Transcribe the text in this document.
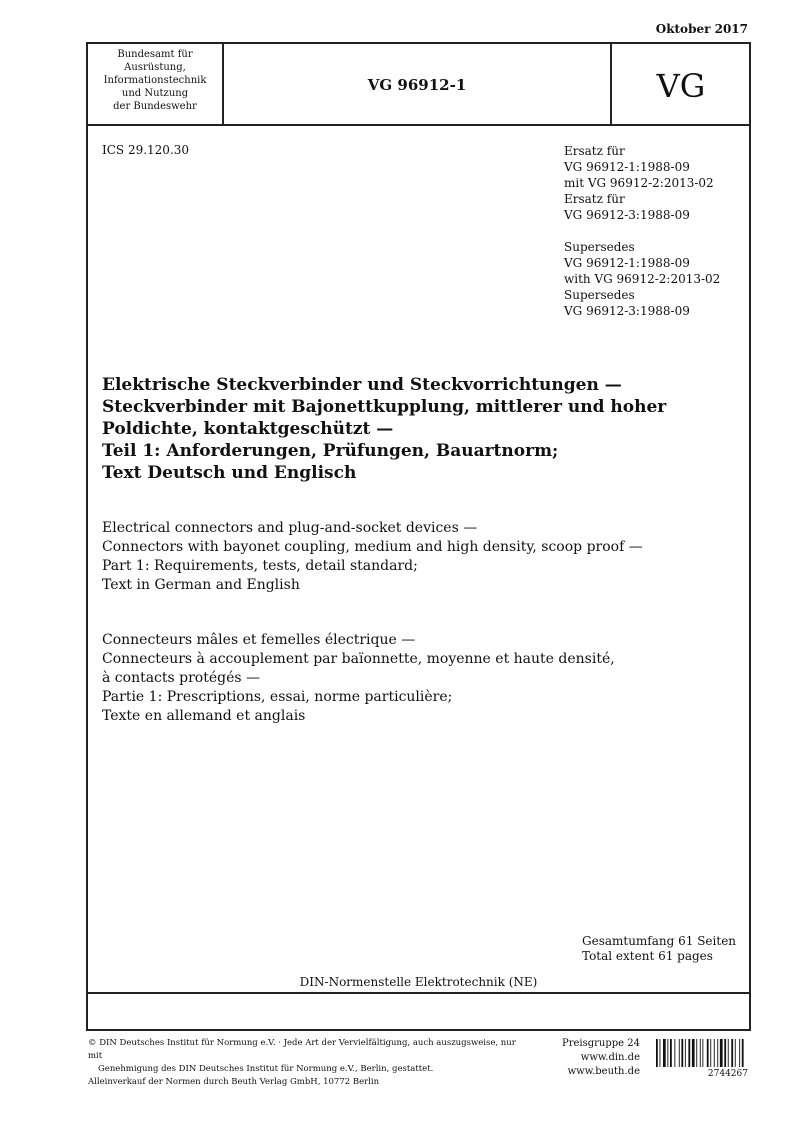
Oktober 2017
Bundesamt für
Ausrüstung,
Informationstechnik
und Nutzung
der Bundeswehr
VG 96912-1	VG
ICS 29.120.30	Ersatz für
VG 96912-1:1988-09
mit VG 96912-2:2013-02
Ersatz für
VG 96912-3:1988-09
Supersedes
VG 96912-1:1988-09
with VG 96912-2:2013-02
Supersedes
VG 96912-3:1988-09
Elektrische Steckverbinder und Steckvorrichtungen —
Steckverbinder mit Bajonettkupplung, mittlerer und hoher
Poldichte, kontaktgeschützt —
Teil 1: Anforderungen, Prüfungen, Bauartnorm;
Text Deutsch und Englisch
Electrical connectors and plug-and-socket devices —
Connectors with bayonet coupling, medium and high density, scoop proof —
Part 1: Requirements, tests, detail standard;
Text in German and English
Connecteurs mâles et femelles électrique —
Connecteurs à accouplement par baïonnette, moyenne et haute densité,
à contacts protégés —
Partie 1: Prescriptions, essai, norme particulière;
Texte en allemand et anglais
Gesamtumfang 61 Seiten
Total extent 61 pages
DIN-Normenstelle Elektrotechnik (NE)
© DIN Deutsches Institut für Normung e.V. · Jede Art der Vervielfältigung, auch auszugsweise, nur mit
Genehmigung des DIN Deutsches Institut für Normung e.V., Berlin, gestattet.
Alleinverkauf der Normen durch Beuth Verlag GmbH, 10772 Berlin
Preisgruppe 24
www.din.de
www.beuth.de	2744267
